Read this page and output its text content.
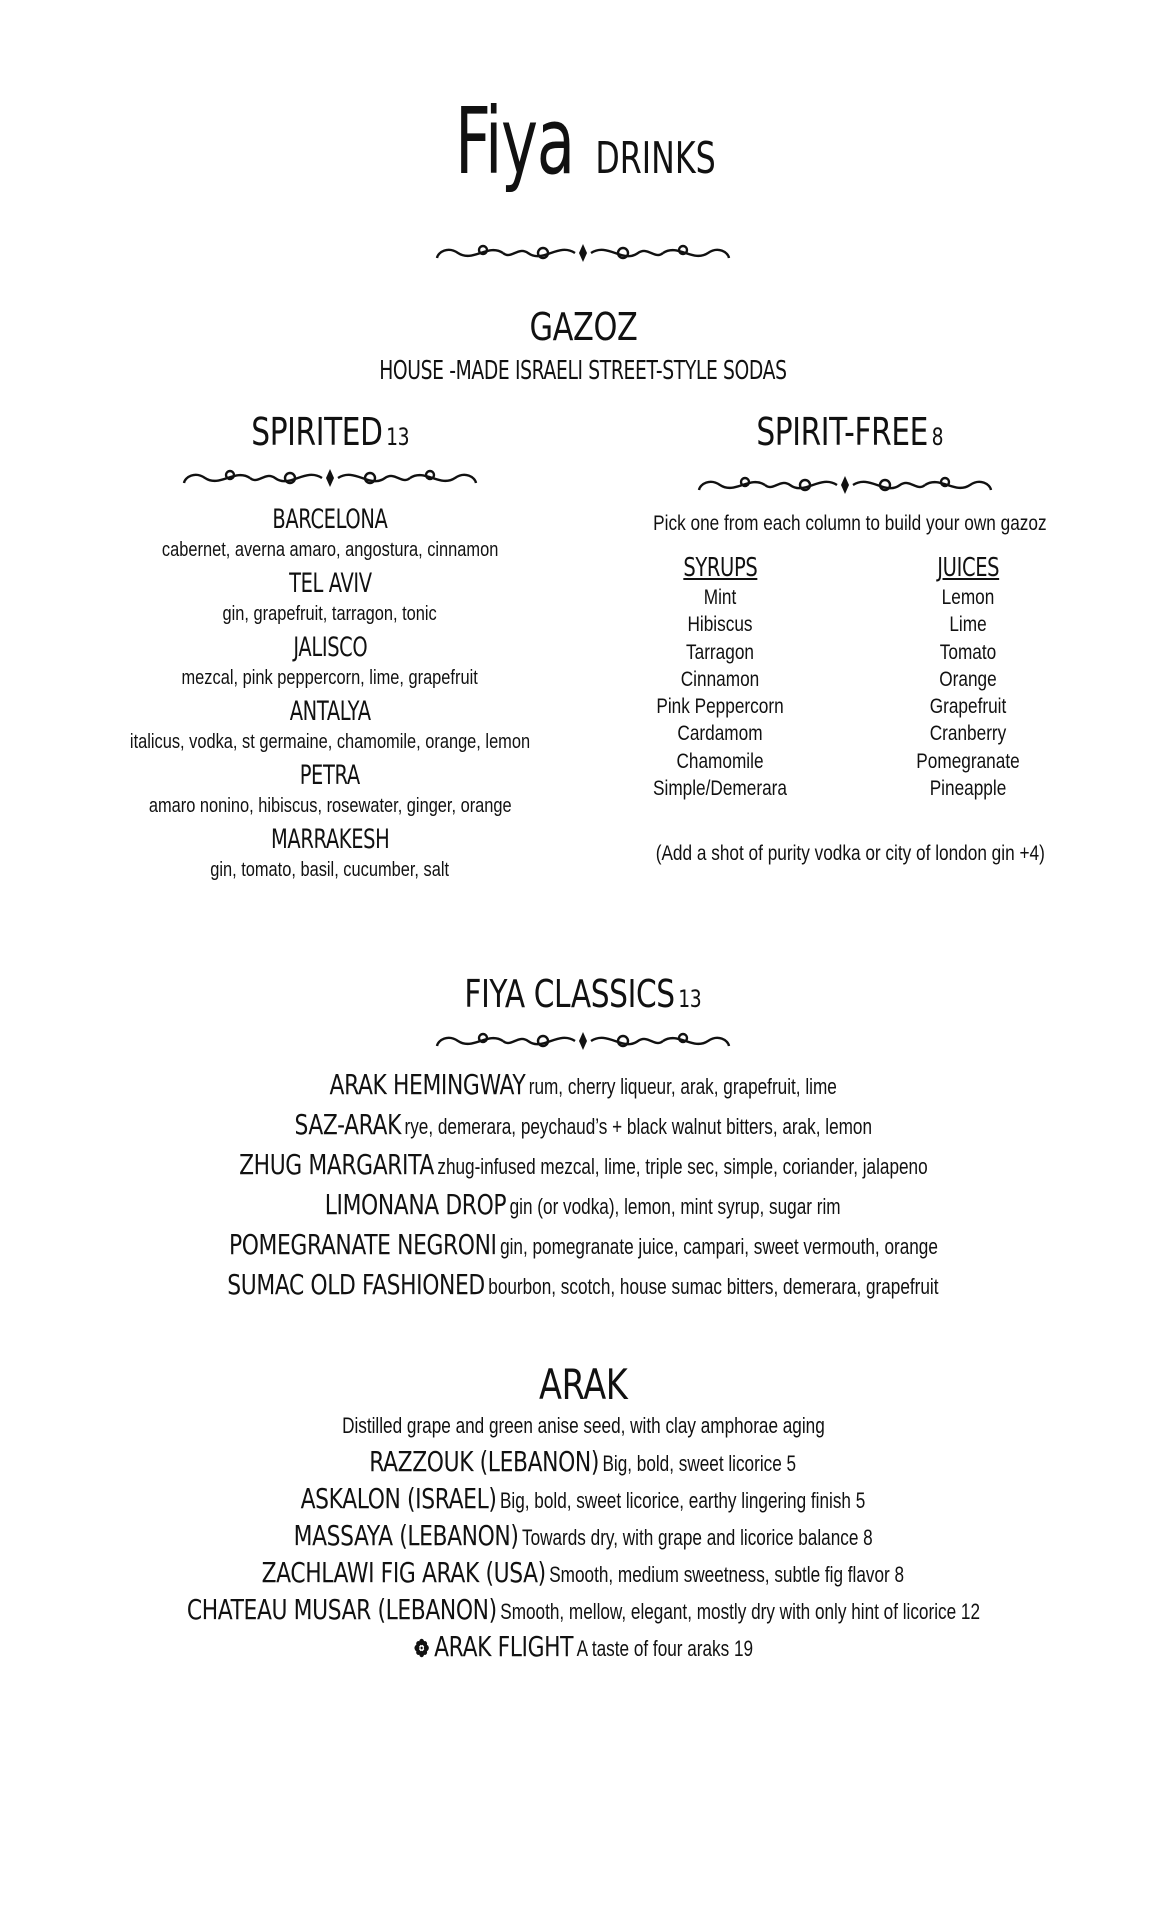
Fiya DRINKS
GAZOZ
HOUSE -MADE ISRAELI STREET-STYLE SODAS
SPIRITED 13
BARCELONA
cabernet, averna amaro, angostura, cinnamon
TEL AVIV
gin, grapefruit, tarragon, tonic
JALISCO
mezcal, pink peppercorn, lime, grapefruit
ANTALYA
italicus, vodka, st germaine, chamomile, orange, lemon
PETRA
amaro nonino, hibiscus, rosewater, ginger, orange
MARRAKESH
gin, tomato, basil, cucumber, salt
SPIRIT-FREE 8
Pick one from each column to build your own gazoz
SYRUPS
Mint
Hibiscus
Tarragon
Cinnamon
Pink Peppercorn
Cardamom
Chamomile
Simple/Demerara
JUICES
Lemon
Lime
Tomato
Orange
Grapefruit
Cranberry
Pomegranate
Pineapple
(Add a shot of purity vodka or city of london gin +4)
FIYA CLASSICS 13
ARAK HEMINGWAY rum, cherry liqueur, arak, grapefruit, lime
SAZ-ARAK rye, demerara, peychaud’s + black walnut bitters, arak, lemon
ZHUG MARGARITA zhug-infused mezcal, lime, triple sec, simple, coriander, jalapeno
LIMONANA DROP gin (or vodka), lemon, mint syrup, sugar rim
POMEGRANATE NEGRONI gin, pomegranate juice, campari, sweet vermouth, orange
SUMAC OLD FASHIONED bourbon, scotch, house sumac bitters, demerara, grapefruit
ARAK
Distilled grape and green anise seed, with clay amphorae aging
RAZZOUK (LEBANON) Big, bold, sweet licorice 5
ASKALON (ISRAEL) Big, bold, sweet licorice, earthy lingering finish 5
MASSAYA (LEBANON) Towards dry, with grape and licorice balance 8
ZACHLAWI FIG ARAK (USA) Smooth, medium sweetness, subtle fig flavor 8
CHATEAU MUSAR (LEBANON) Smooth, mellow, elegant, mostly dry with only hint of licorice 12
ARAK FLIGHT A taste of four araks 19
